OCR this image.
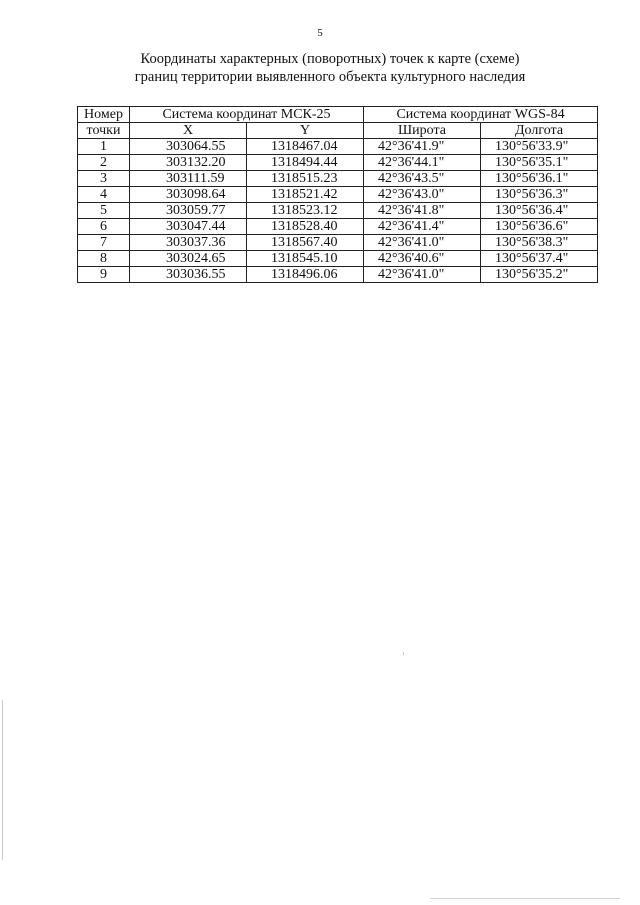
5
Координаты характерных (поворотных) точек к карте (схеме)
границ территории выявленного объекта культурного наследия
Номер	Система координат МСК-25		Система координат WGS-84	
точки	X	Y	Широта	Долгота
1	303064.55	1318467.04	42°36'41.9"	130°56'33.9"
2	303132.20	1318494.44	42°36'44.1"	130°56'35.1"
3	303111.59	1318515.23	42°36'43.5"	130°56'36.1"
4	303098.64	1318521.42	42°36'43.0"	130°56'36.3"
5	303059.77	1318523.12	42°36'41.8"	130°56'36.4"
6	303047.44	1318528.40	42°36'41.4"	130°56'36.6"
7	303037.36	1318567.40	42°36'41.0"	130°56'38.3"
8	303024.65	1318545.10	42°36'40.6"	130°56'37.4"
9	303036.55	1318496.06	42°36'41.0"	130°56'35.2"
